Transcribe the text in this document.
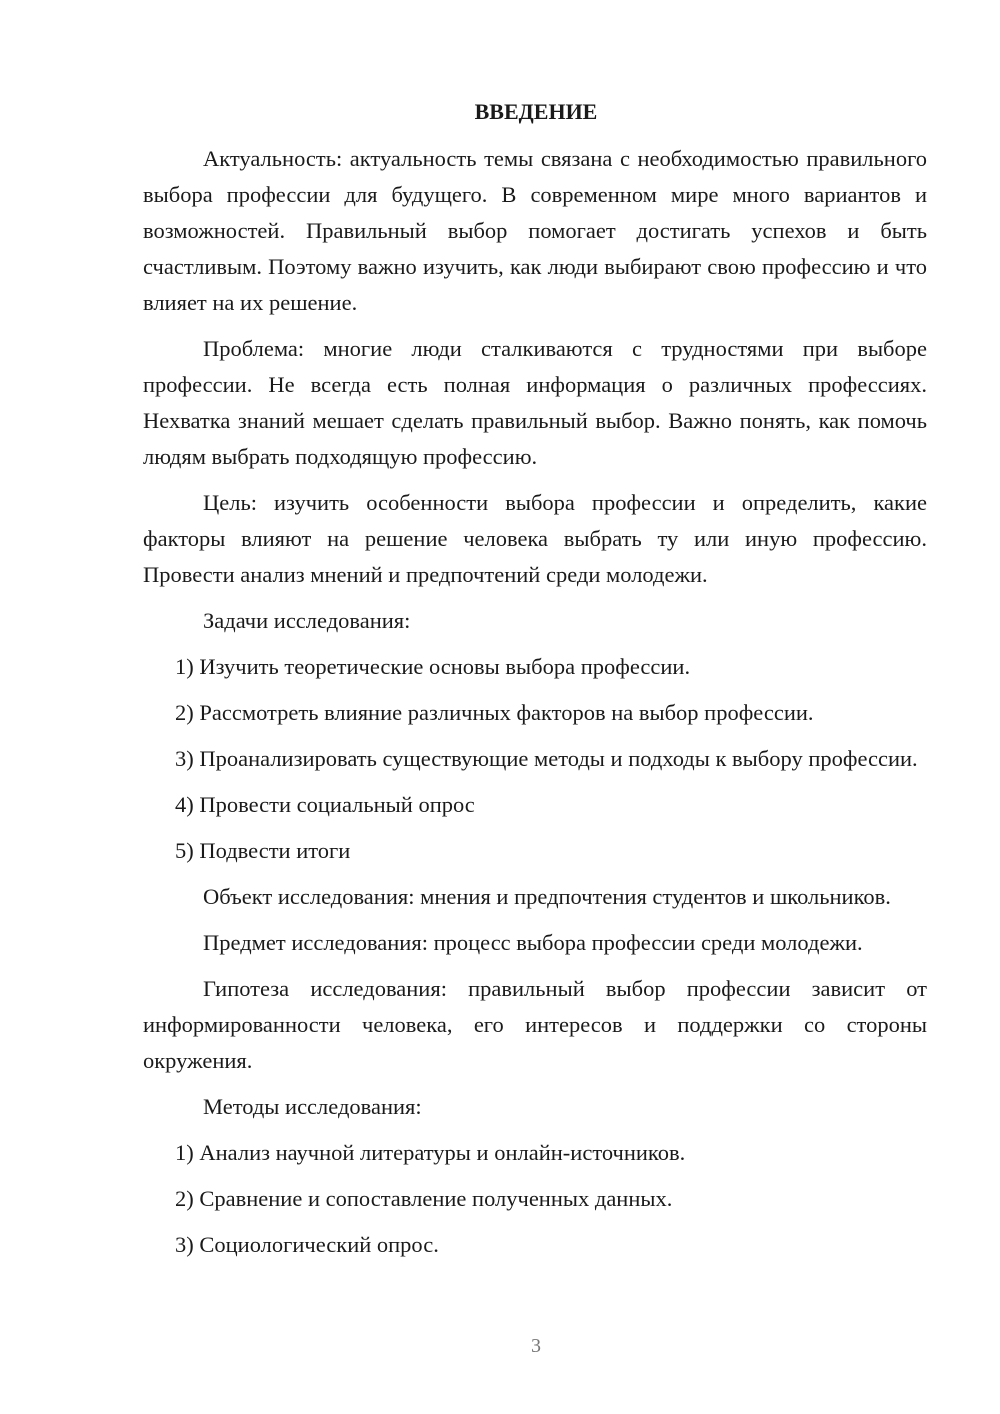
ВВЕДЕНИЕ

Актуальность: актуальность темы связана с необходимостью правильного выбора профессии для будущего. В современном мире много вариантов и возможностей. Правильный выбор помогает достигать успехов и быть счастливым. Поэтому важно изучить, как люди выбирают свою профессию и что влияет на их решение.

Проблема: многие люди сталкиваются с трудностями при выборе профессии. Не всегда есть полная информация о различных профессиях. Нехватка знаний мешает сделать правильный выбор. Важно понять, как помочь людям выбрать подходящую профессию.

Цель: изучить особенности выбора профессии и определить, какие факторы влияют на решение человека выбрать ту или иную профессию. Провести анализ мнений и предпочтений среди молодежи.

Задачи исследования:

1) Изучить теоретические основы выбора профессии.

2) Рассмотреть влияние различных факторов на выбор профессии.

3) Проанализировать существующие методы и подходы к выбору профессии.

4) Провести социальный опрос

5) Подвести итоги

Объект исследования: мнения и предпочтения студентов и школьников.

Предмет исследования: процесс выбора профессии среди молодежи.

Гипотеза исследования: правильный выбор профессии зависит от информированности человека, его интересов и поддержки со стороны окружения.

Методы исследования:

1) Анализ научной литературы и онлайн-источников.

2) Сравнение и сопоставление полученных данных.

3) Социологический опрос.

3
